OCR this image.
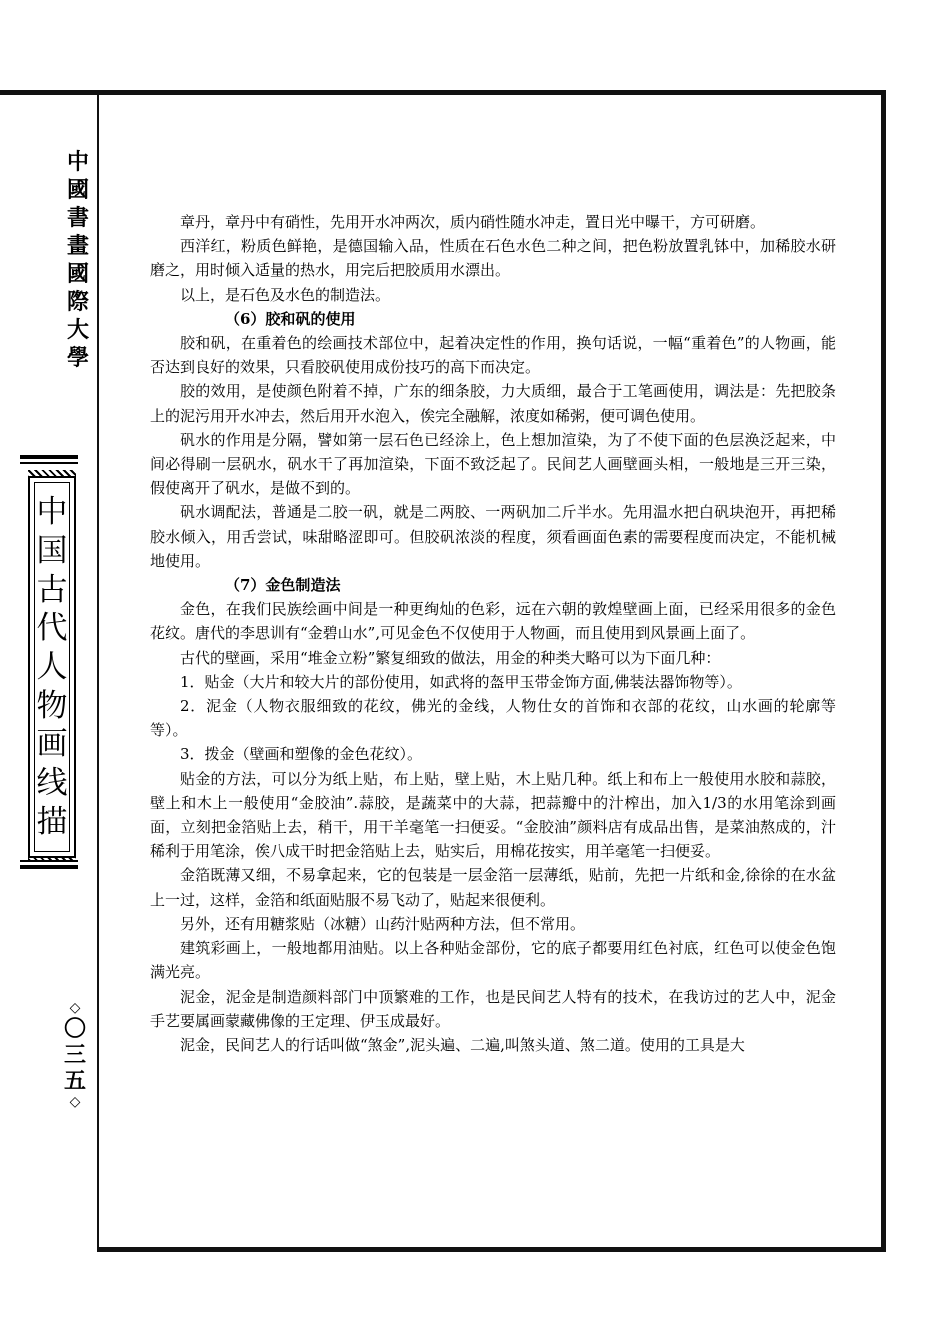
中
國
書
畫
國
際
大
學
中
国
古
代
人
物
画
线
描
◇
〇
三
五
◇

章丹，章丹中有硝性，先用开水冲两次，质内硝性随水冲走，置日光中曝干，方可研磨。

西洋红，粉质色鲜艳，是德国输入品，性质在石色水色二种之间，把色粉放置乳钵中，加稀胶水研磨之，用时倾入适量的热水，用完后把胶质用水漂出。

以上，是石色及水色的制造法。

（6）胶和矾的使用

胶和矾，在重着色的绘画技术部位中，起着决定性的作用，换句话说，一幅“重着色”的人物画，能否达到良好的效果，只看胶矾使用成份技巧的高下而决定。

胶的效用，是使颜色附着不掉，广东的细条胶，力大质细，最合于工笔画使用，调法是：先把胶条上的泥污用开水冲去，然后用开水泡入，俟完全融解，浓度如稀粥，便可调色使用。

矾水的作用是分隔，譬如第一层石色已经涂上，色上想加渲染，为了不使下面的色层涣泛起来，中间必得刷一层矾水，矾水干了再加渲染，下面不致泛起了。民间艺人画壁画头相，一般地是三开三染，假使离开了矾水，是做不到的。

矾水调配法，普通是二胶一矾，就是二两胶、一两矾加二斤半水。先用温水把白矾块泡开，再把稀胶水倾入，用舌尝试，味甜略涩即可。但胶矾浓淡的程度，须看画面色素的需要程度而决定，不能机械地使用。

（7）金色制造法

金色，在我们民族绘画中间是一种更绚灿的色彩，远在六朝的敦煌壁画上面，已经采用很多的金色花纹。唐代的李思训有“金碧山水”,可见金色不仅使用于人物画，而且使用到风景画上面了。

古代的壁画，采用“堆金立粉”繁复细致的做法，用金的种类大略可以为下面几种：

1．贴金（大片和较大片的部份使用，如武将的盔甲玉带金饰方面,佛装法器饰物等）。

2．泥金（人物衣服细致的花纹，佛光的金线，人物仕女的首饰和衣部的花纹，山水画的轮廓等等）。

3．拨金（壁画和塑像的金色花纹）。

贴金的方法，可以分为纸上贴，布上贴，壁上贴，木上贴几种。纸上和布上一般使用水胶和蒜胶，壁上和木上一般使用“金胶油”.蒜胶，是蔬菜中的大蒜，把蒜瓣中的汁榨出，加入1/3的水用笔涂到画面，立刻把金箔贴上去，稍干，用干羊毫笔一扫便妥。“金胶油”颜料店有成品出售，是菜油熬成的，汁稀利于用笔涂，俟八成干时把金箔贴上去，贴实后，用棉花按实，用羊毫笔一扫便妥。

金箔既薄又细，不易拿起来，它的包装是一层金箔一层薄纸，贴前，先把一片纸和金,徐徐的在水盆上一过，这样，金箔和纸面贴服不易飞动了，贴起来很便利。

另外，还有用糖浆贴（冰糖）山药汁贴两种方法，但不常用。

建筑彩画上，一般地都用油贴。以上各种贴金部份，它的底子都要用红色衬底，红色可以使金色饱满光亮。

泥金，泥金是制造颜料部门中顶繁难的工作，也是民间艺人特有的技术，在我访过的艺人中，泥金手艺要属画蒙藏佛像的王定理、伊玉成最好。

泥金，民间艺人的行话叫做“煞金”,泥头遍、二遍,叫煞头道、煞二道。使用的工具是大
